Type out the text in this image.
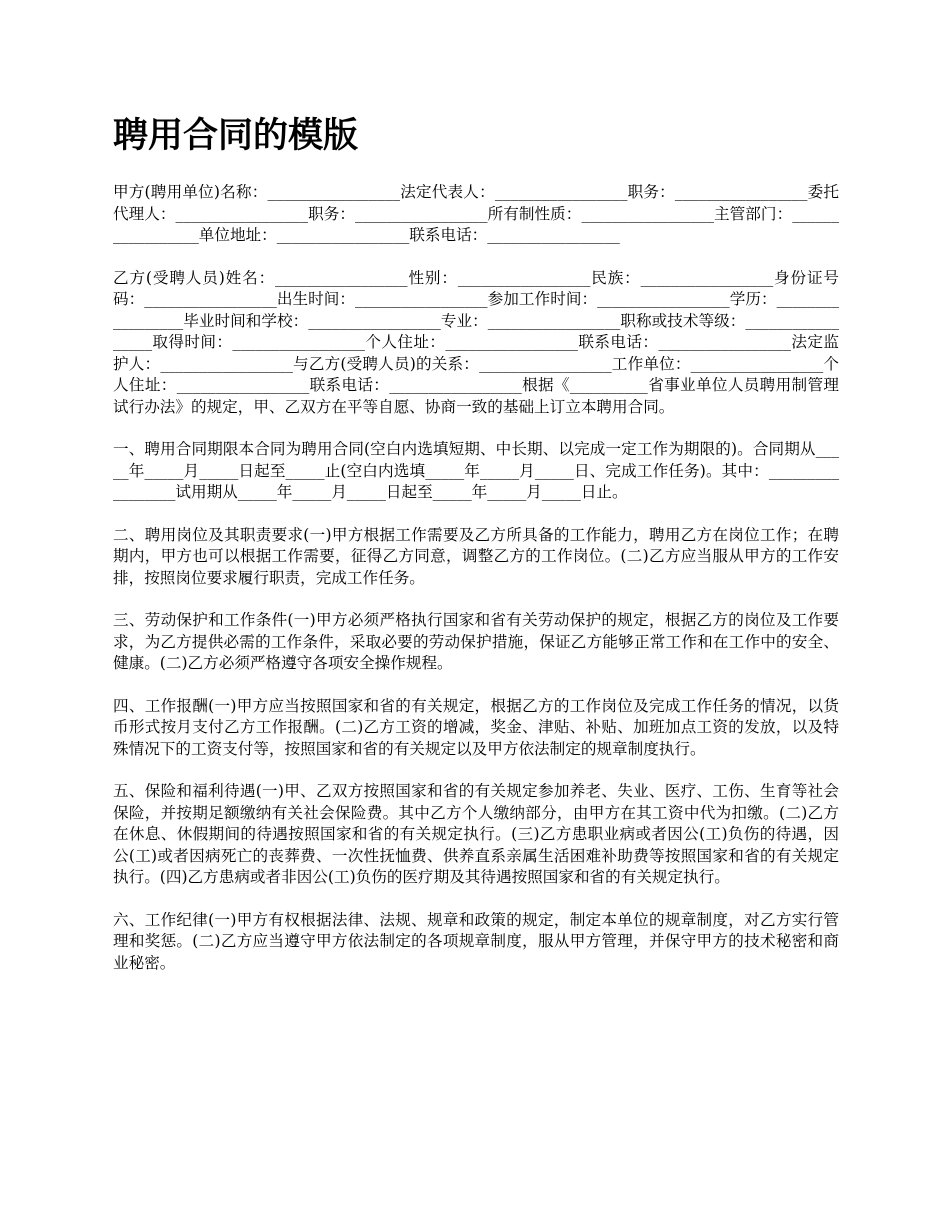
聘用合同的模版

甲方(聘用单位)名称：_________________法定代表人：_________________职务：_________________委托代理人：_________________职务：_________________所有制性质：_________________主管部门：_________________单位地址：_________________联系电话：_________________

乙方(受聘人员)姓名：_________________性别：_________________民族：_________________身份证号码：_________________出生时间：_________________参加工作时间：_________________学历：_________________毕业时间和学校：_________________专业：_________________职称或技术等级：_________________取得时间：_________________个人住址：_________________联系电话：_________________法定监护人：_________________与乙方(受聘人员)的关系：_________________工作单位：_________________个人住址：_________________联系电话：_________________根据《__________省事业单位人员聘用制管理试行办法》的规定，甲、乙双方在平等自愿、协商一致的基础上订立本聘用合同。

一、聘用合同期限本合同为聘用合同(空白内选填短期、中长期、以完成一定工作为期限的)。合同期从_____年_____月_____日起至_____止(空白内选填_____年_____月_____日、完成工作任务)。其中：_________________试用期从_____年_____月_____日起至_____年_____月_____日止。

二、聘用岗位及其职责要求(一)甲方根据工作需要及乙方所具备的工作能力，聘用乙方在岗位工作；在聘期内，甲方也可以根据工作需要，征得乙方同意，调整乙方的工作岗位。(二)乙方应当服从甲方的工作安排，按照岗位要求履行职责，完成工作任务。

三、劳动保护和工作条件(一)甲方必须严格执行国家和省有关劳动保护的规定，根据乙方的岗位及工作要求，为乙方提供必需的工作条件，采取必要的劳动保护措施，保证乙方能够正常工作和在工作中的安全、健康。(二)乙方必须严格遵守各项安全操作规程。

四、工作报酬(一)甲方应当按照国家和省的有关规定，根据乙方的工作岗位及完成工作任务的情况，以货币形式按月支付乙方工作报酬。(二)乙方工资的增减，奖金、津贴、补贴、加班加点工资的发放，以及特殊情况下的工资支付等，按照国家和省的有关规定以及甲方依法制定的规章制度执行。

五、保险和福利待遇(一)甲、乙双方按照国家和省的有关规定参加养老、失业、医疗、工伤、生育等社会保险，并按期足额缴纳有关社会保险费。其中乙方个人缴纳部分，由甲方在其工资中代为扣缴。(二)乙方在休息、休假期间的待遇按照国家和省的有关规定执行。(三)乙方患职业病或者因公(工)负伤的待遇，因公(工)或者因病死亡的丧葬费、一次性抚恤费、供养直系亲属生活困难补助费等按照国家和省的有关规定执行。(四)乙方患病或者非因公(工)负伤的医疗期及其待遇按照国家和省的有关规定执行。

六、工作纪律(一)甲方有权根据法律、法规、规章和政策的规定，制定本单位的规章制度，对乙方实行管理和奖惩。(二)乙方应当遵守甲方依法制定的各项规章制度，服从甲方管理，并保守甲方的技术秘密和商业秘密。
